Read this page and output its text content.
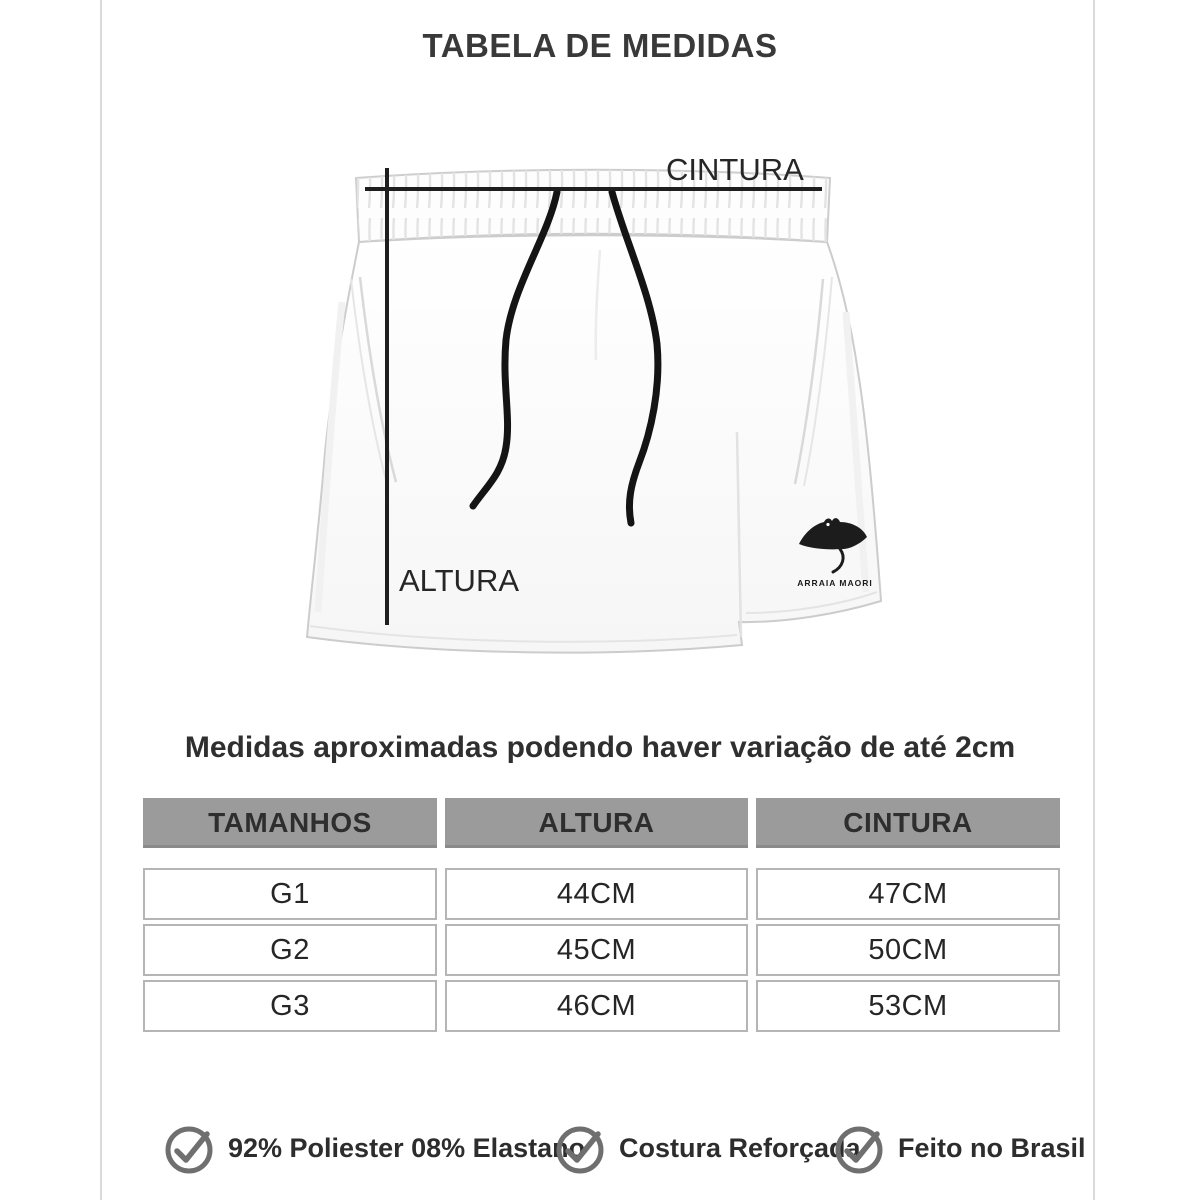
TABELA DE MEDIDAS
CINTURA
ALTURA	ARRAIA MAORI
Medidas aproximadas podendo haver variação de até 2cm
TAMANHOS	ALTURA	CINTURA
G1	44CM	47CM
G2	45CM	50CM
G3	46CM	53CM
92% Poliester 08% Elastano Costura Reforçada Feito no Brasil
